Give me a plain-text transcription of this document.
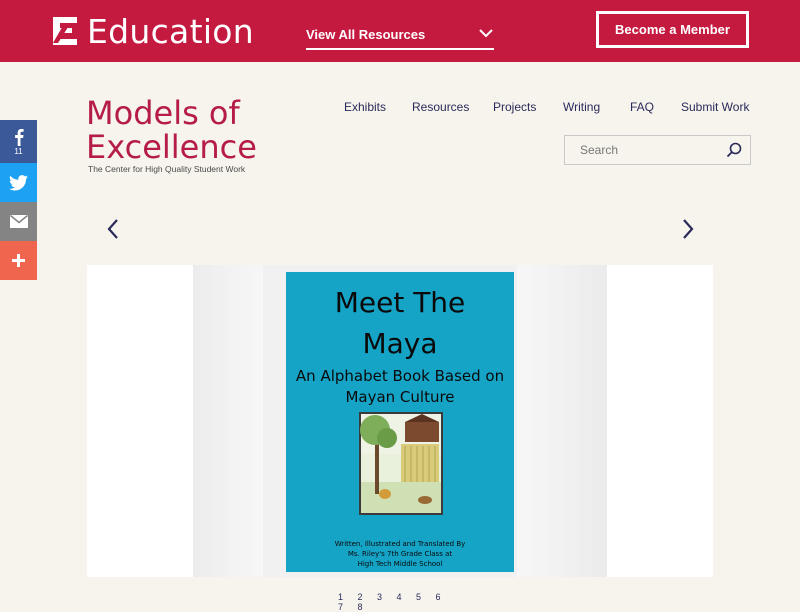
Education	View All Resources	Become a Member
Models of
Excellence
The Center for High Quality Student Work
Exhibits Resources Projects Writing FAQ Submit Work
Search
11
Meet The
Maya
An Alphabet Book Based on
Mayan Culture
Written, Illustrated and Translated By
Ms. Riley's 7th Grade Class at
High Tech Middle School
1 2 3 4 5 6 7 8
